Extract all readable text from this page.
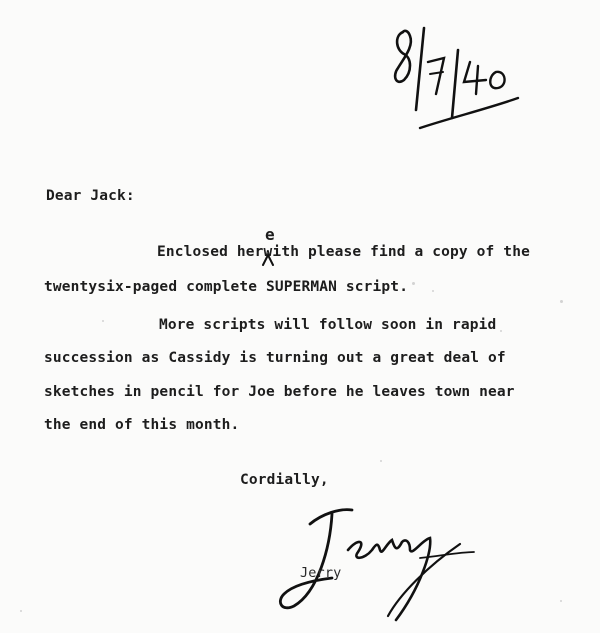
Dear Jack:
e
Enclosed herwith please find a copy of the
twentysix-paged complete SUPERMAN script.
More scripts will follow soon in rapid
succession as Cassidy is turning out a great deal of
sketches in pencil for Joe before he leaves town near
the end of this month.
Cordially,
Jerry
